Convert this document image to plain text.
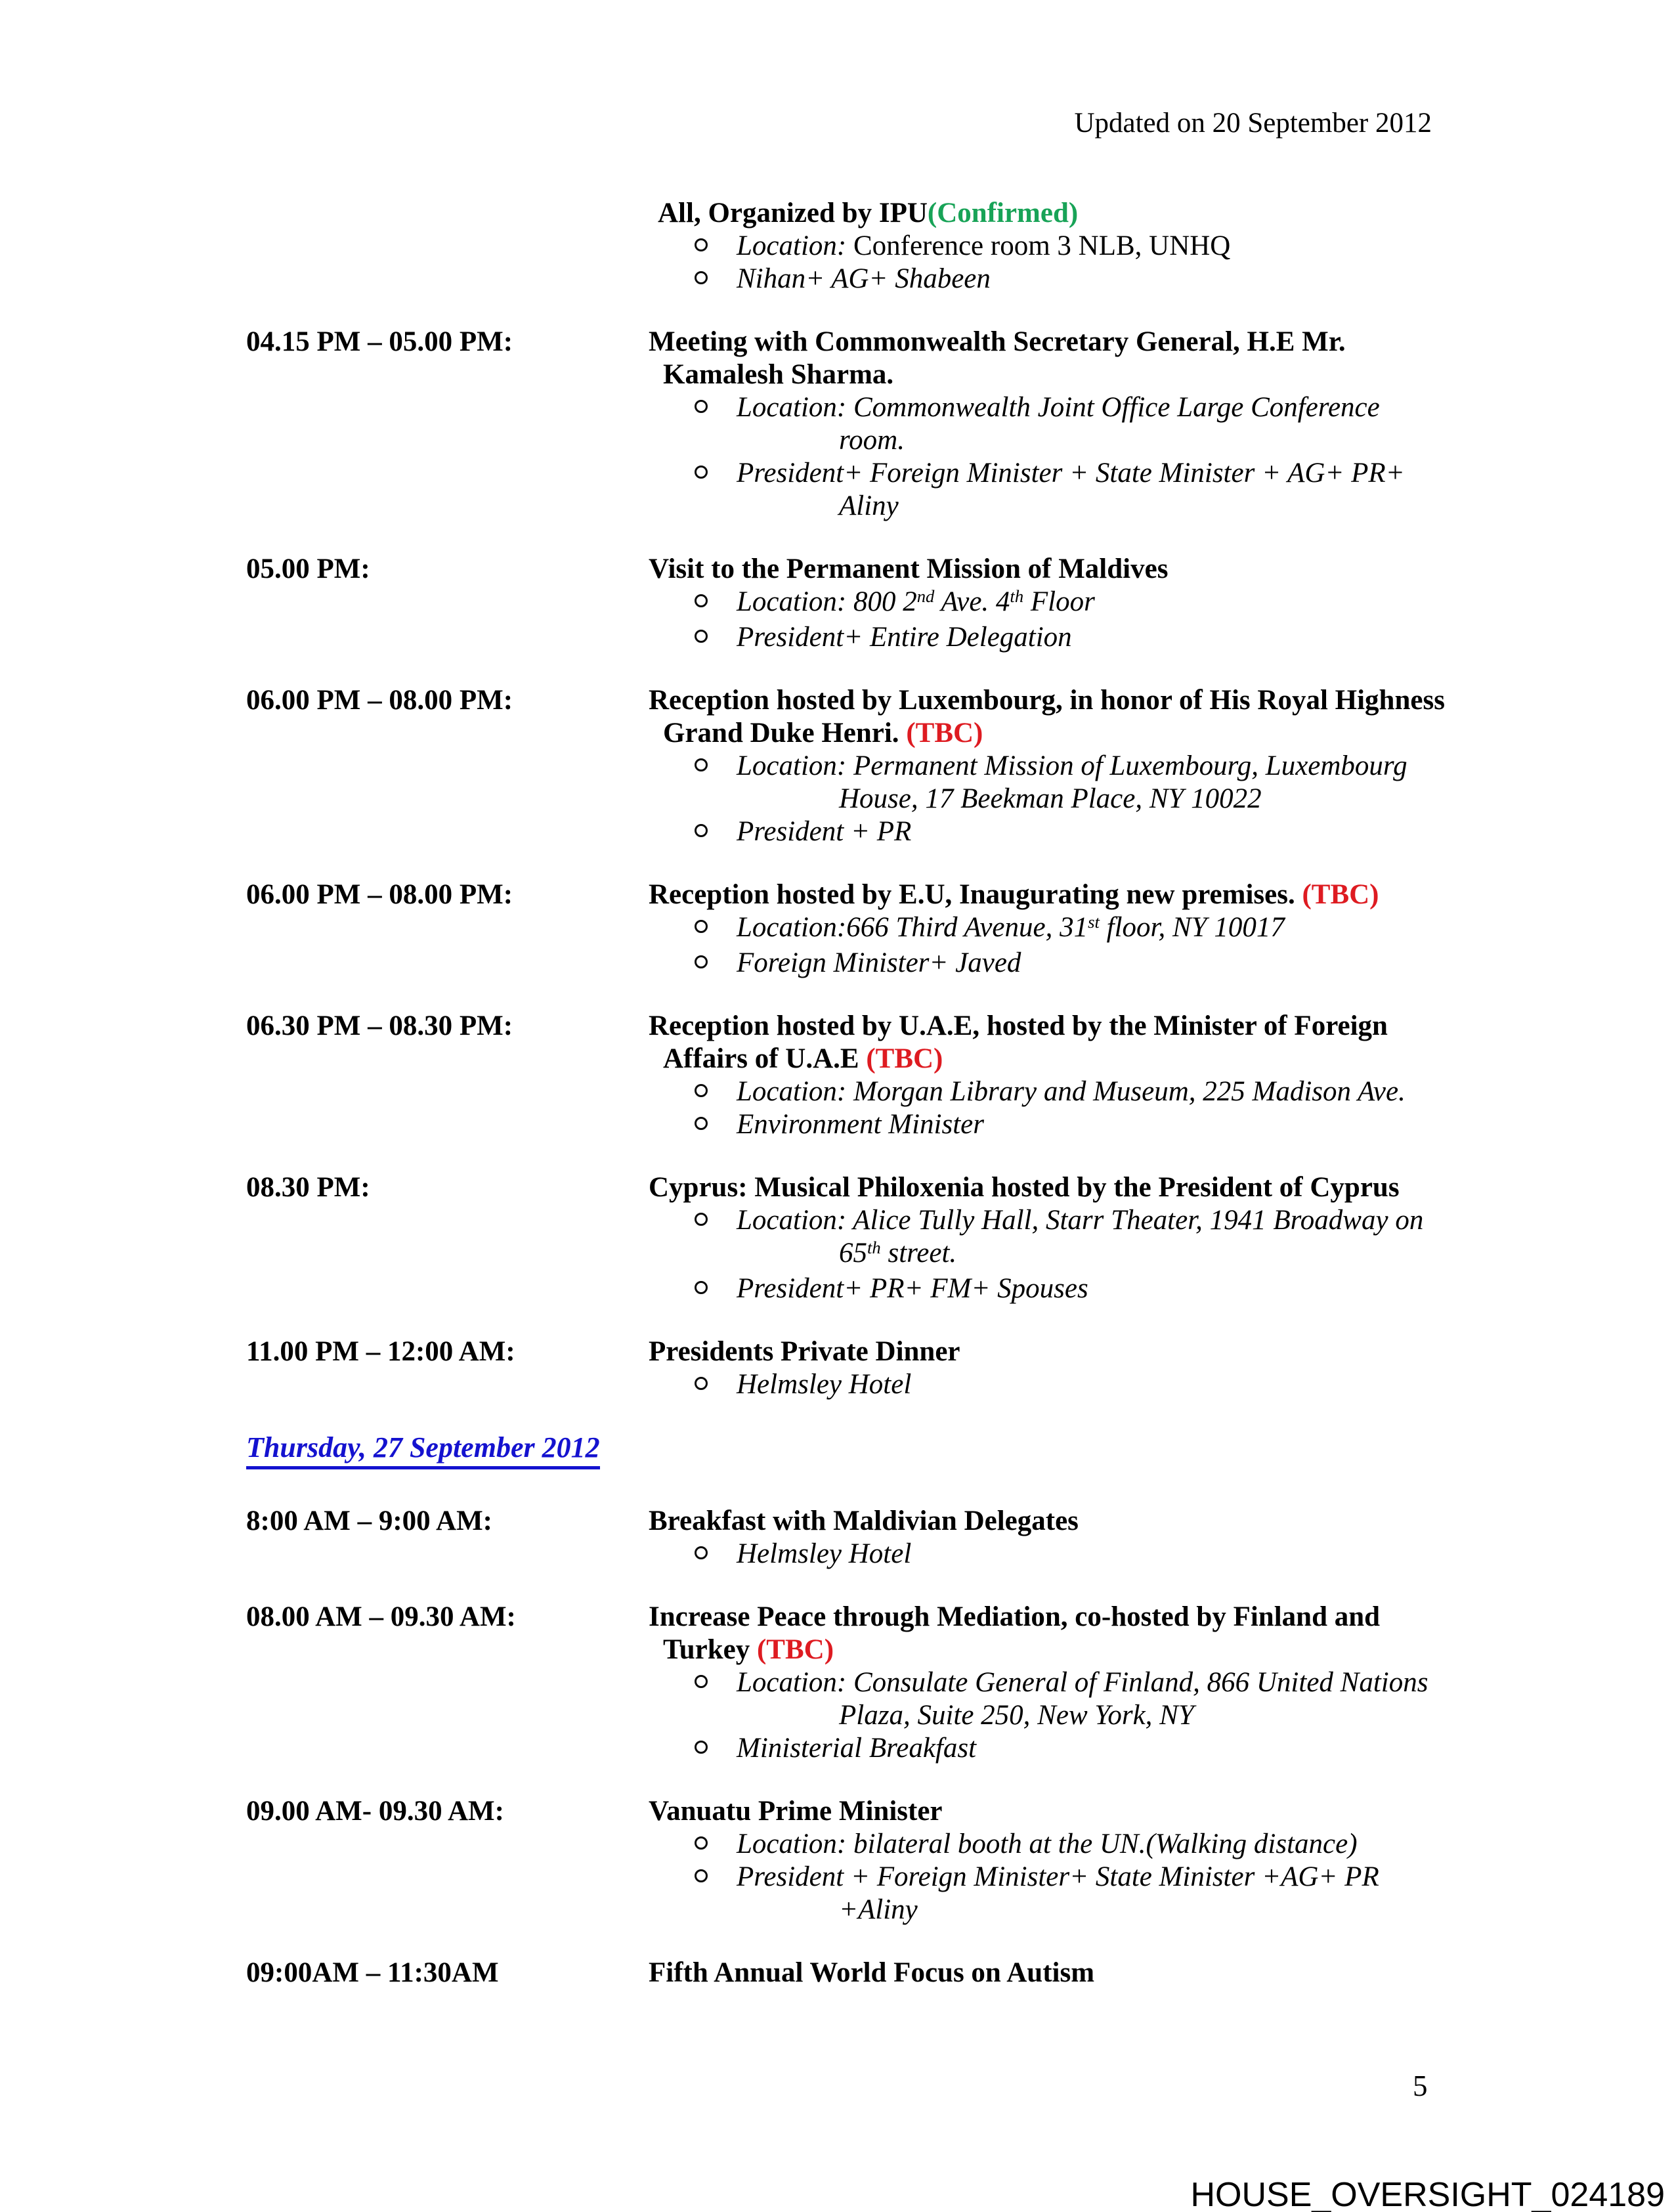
Updated on 20 September 2012
All, Organized by IPU(Confirmed)
Location: Conference room 3 NLB, UNHQ
Nihan+ AG+ Shabeen
04.15 PM – 05.00 PM:	Meeting with Commonwealth Secretary General, H.E Mr.
Kamalesh Sharma.
Location: Commonwealth Joint Office Large Conference
room.
President+ Foreign Minister + State Minister + AG+ PR+
Aliny
05.00 PM:	Visit to the Permanent Mission of Maldives
Location: 800 2nd Ave. 4th Floor
President+ Entire Delegation
06.00 PM – 08.00 PM:	Reception hosted by Luxembourg, in honor of His Royal Highness
Grand Duke Henri. (TBC)
Location: Permanent Mission of Luxembourg, Luxembourg
House, 17 Beekman Place, NY 10022
President + PR
06.00 PM – 08.00 PM:	Reception hosted by E.U, Inaugurating new premises. (TBC)
Location:666 Third Avenue, 31st floor, NY 10017
Foreign Minister+ Javed
06.30 PM – 08.30 PM:	Reception hosted by U.A.E, hosted by the Minister of Foreign
Affairs of U.A.E (TBC)
Location: Morgan Library and Museum, 225 Madison Ave.
Environment Minister
08.30 PM:	Cyprus: Musical Philoxenia hosted by the President of Cyprus
Location: Alice Tully Hall, Starr Theater, 1941 Broadway on
65th street.
President+ PR+ FM+ Spouses
11.00 PM – 12:00 AM:	Presidents Private Dinner
Helmsley Hotel
Thursday, 27 September 2012
8:00 AM – 9:00 AM:	Breakfast with Maldivian Delegates
Helmsley Hotel
08.00 AM – 09.30 AM:	Increase Peace through Mediation, co-hosted by Finland and
Turkey (TBC)
Location: Consulate General of Finland, 866 United Nations
Plaza, Suite 250, New York, NY
Ministerial Breakfast
09.00 AM- 09.30 AM:	Vanuatu Prime Minister
Location: bilateral booth at the UN.(Walking distance)
President + Foreign Minister+ State Minister +AG+ PR
+Aliny
09:00AM – 11:30AM	Fifth Annual World Focus on Autism
5
HOUSE_OVERSIGHT_024189
